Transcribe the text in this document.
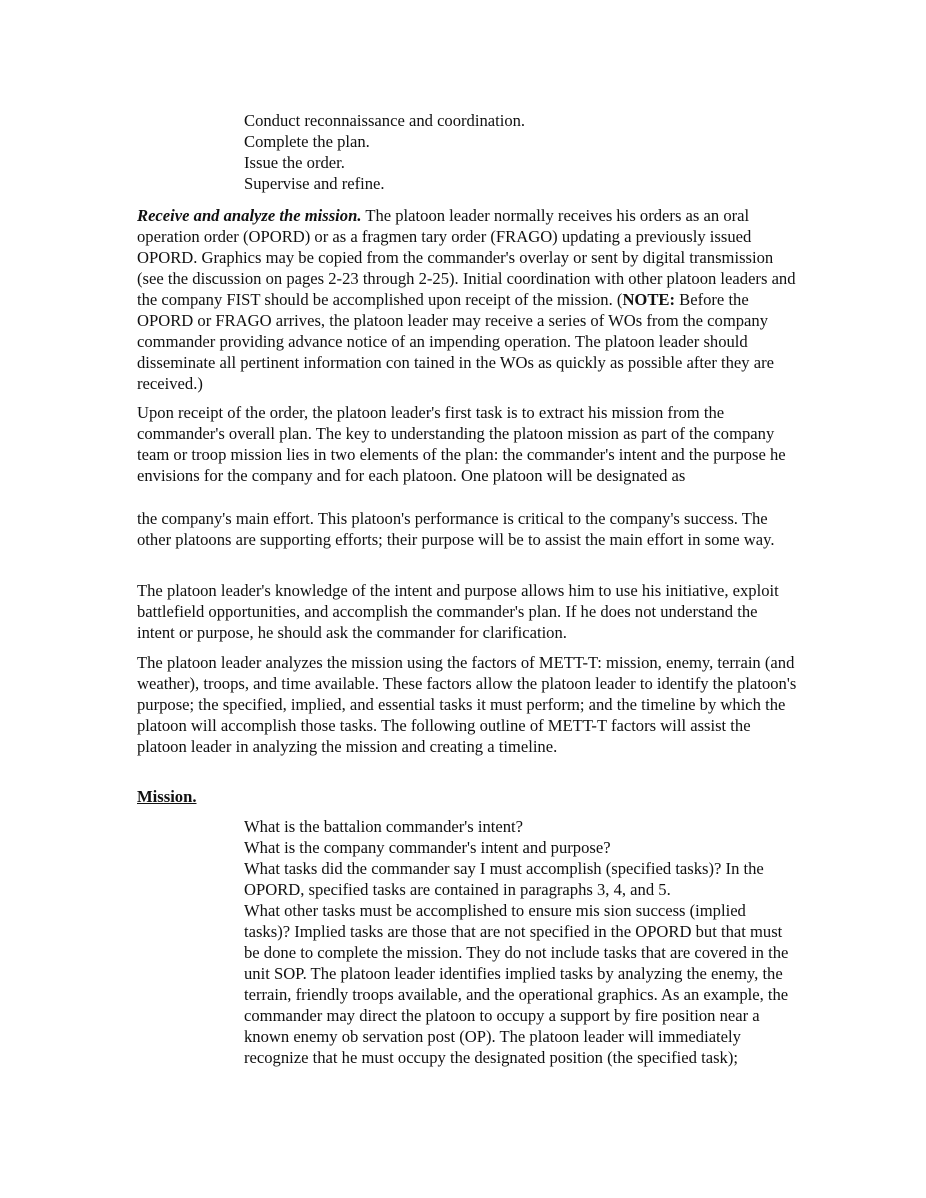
Conduct reconnaissance and coordination.
Complete the plan.
Issue the order.
Supervise and refine.
Receive and analyze the mission. The platoon leader normally receives his orders as an oral operation order (OPORD) or as a fragmen tary order (FRAGO) updating a previously issued OPORD. Graphics may be copied from the commander's overlay or sent by digital transmission (see the discussion on pages 2-23 through 2-25). Initial coordination with other platoon leaders and the company FIST should be accomplished upon receipt of the mission. (NOTE: Before the OPORD or FRAGO arrives, the platoon leader may receive a series of WOs from the company commander providing advance notice of an impending operation. The platoon leader should disseminate all pertinent information con tained in the WOs as quickly as possible after they are received.)
Upon receipt of the order, the platoon leader's first task is to extract his mission from the commander's overall plan. The key to understanding the platoon mission as part of the company team or troop mission lies in two elements of the plan: the commander's intent and the purpose he envisions for the company and for each platoon. One platoon will be designated as
the company's main effort. This platoon's performance is critical to the company's success. The other platoons are supporting efforts; their purpose will be to assist the main effort in some way.
The platoon leader's knowledge of the intent and purpose allows him to use his initiative, exploit battlefield opportunities, and accomplish the commander's plan. If he does not understand the intent or purpose, he should ask the commander for clarification.
The platoon leader analyzes the mission using the factors of METT-T: mission, enemy, terrain (and weather), troops, and time available. These factors allow the platoon leader to identify the platoon's purpose; the specified, implied, and essential tasks it must perform; and the timeline by which the platoon will accomplish those tasks. The following outline of METT-T factors will assist the platoon leader in analyzing the mission and creating a timeline.
Mission.
What is the battalion commander's intent?
What is the company commander's intent and purpose?
What tasks did the commander say I must accomplish (specified tasks)? In the OPORD, specified tasks are contained in paragraphs 3, 4, and 5.
What other tasks must be accomplished to ensure mis sion success (implied tasks)? Implied tasks are those that are not specified in the OPORD but that must be done to complete the mission. They do not include tasks that are covered in the unit SOP. The platoon leader identifies implied tasks by analyzing the enemy, the terrain, friendly troops available, and the operational graphics. As an example, the commander may direct the platoon to occupy a support by fire position near a known enemy ob servation post (OP). The platoon leader will immediately recognize that he must occupy the designated position (the specified task);
